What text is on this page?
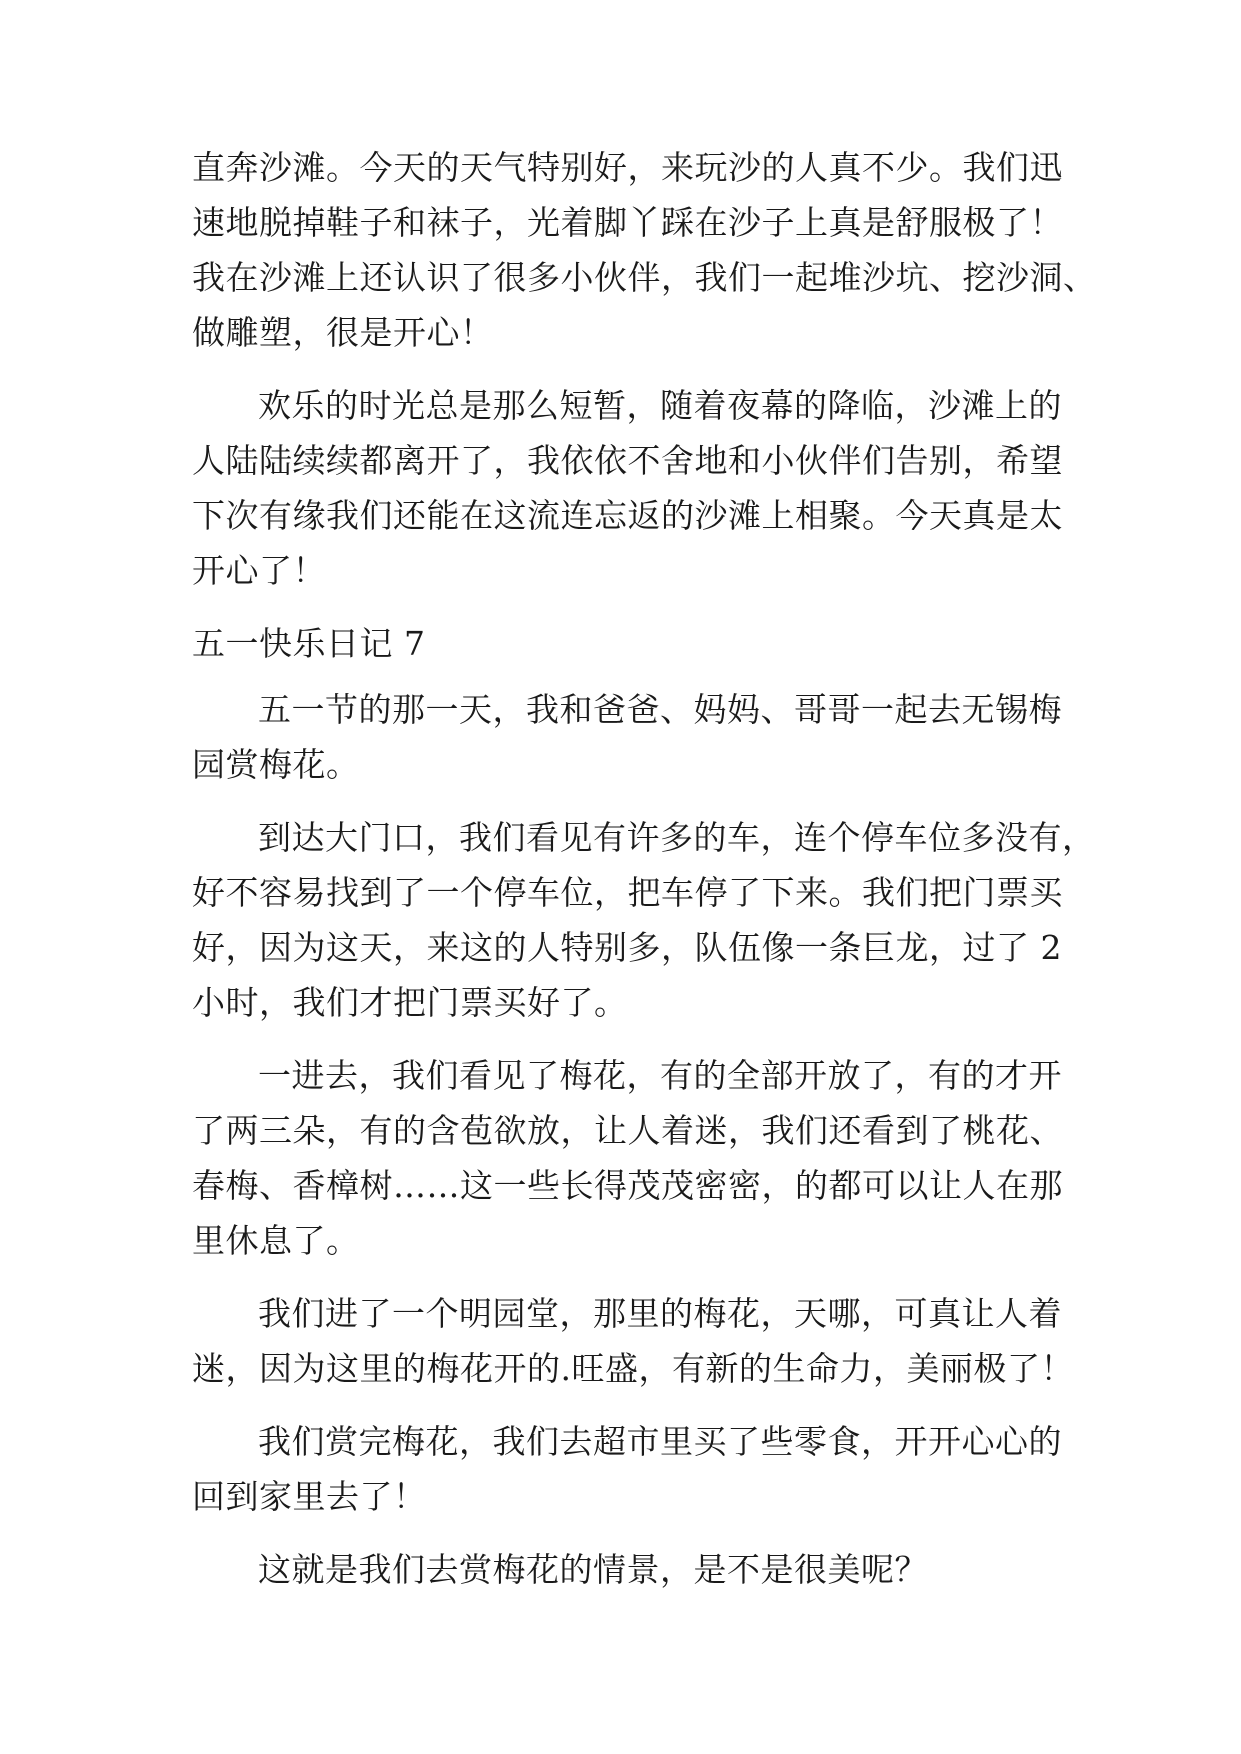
直奔沙滩。今天的天气特别好，来玩沙的人真不少。我们迅
速地脱掉鞋子和袜子，光着脚丫踩在沙子上真是舒服极了！
我在沙滩上还认识了很多小伙伴，我们一起堆沙坑、挖沙洞、
做雕塑，很是开心！
欢乐的时光总是那么短暂，随着夜幕的降临，沙滩上的
人陆陆续续都离开了，我依依不舍地和小伙伴们告别，希望
下次有缘我们还能在这流连忘返的沙滩上相聚。今天真是太
开心了！
五一快乐日记 7
五一节的那一天，我和爸爸、妈妈、哥哥一起去无锡梅
园赏梅花。
到达大门口，我们看见有许多的车，连个停车位多没有，
好不容易找到了一个停车位，把车停了下来。我们把门票买
好，因为这天，来这的人特别多，队伍像一条巨龙，过了 2
小时，我们才把门票买好了。
一进去，我们看见了梅花，有的全部开放了，有的才开
了两三朵，有的含苞欲放，让人着迷，我们还看到了桃花、
春梅、香樟树……这一些长得茂茂密密，的都可以让人在那
里休息了。
我们进了一个明园堂，那里的梅花，天哪，可真让人着
迷，因为这里的梅花开的.旺盛，有新的生命力，美丽极了！
我们赏完梅花，我们去超市里买了些零食，开开心心的
回到家里去了！
这就是我们去赏梅花的情景，是不是很美呢？
